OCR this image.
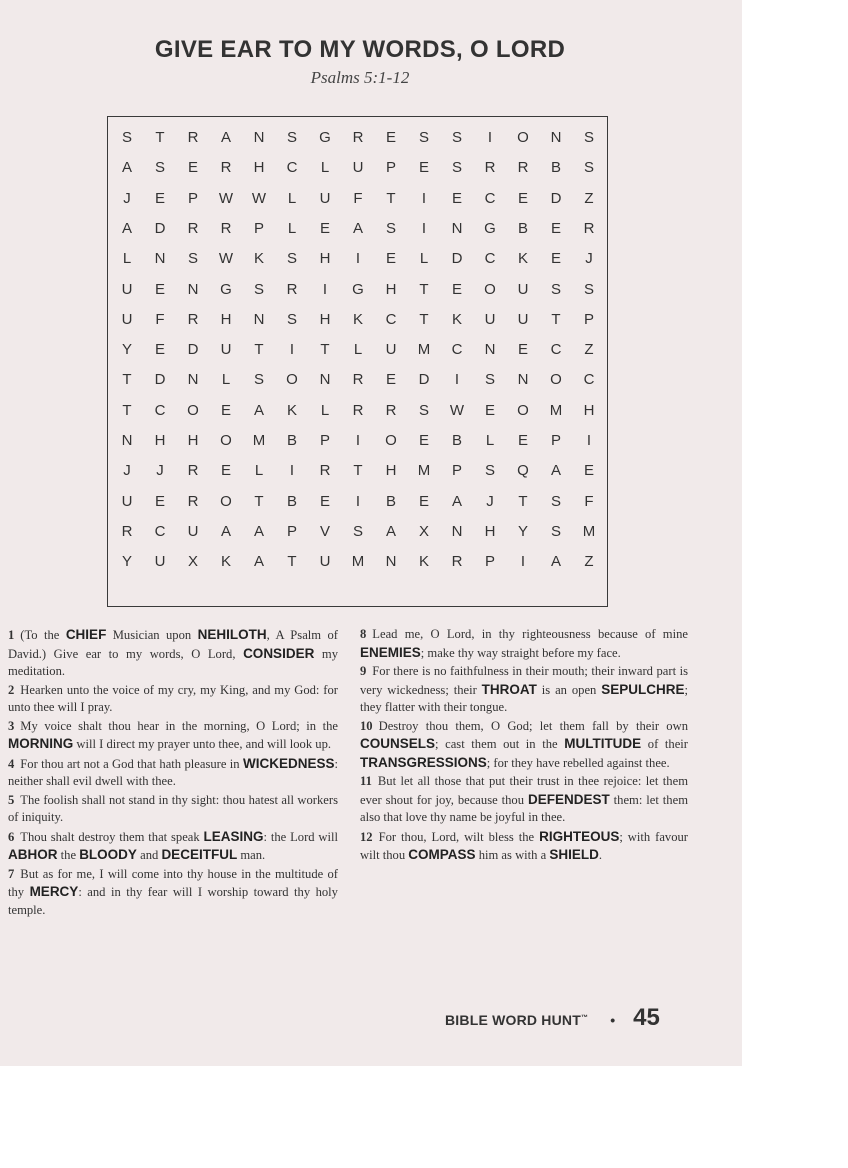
GIVE EAR TO MY WORDS, O LORD
Psalms 5:1-12
S	T	R	A	N	S	G	R	E	S	S	I	O	N	S
A	S	E	R	H	C	L	U	P	E	S	R	R	B	S
J	E	P	W	W	L	U	F	T	I	E	C	E	D	Z
A	D	R	R	P	L	E	A	S	I	N	G	B	E	R
L	N	S	W	K	S	H	I	E	L	D	C	K	E	J
U	E	N	G	S	R	I	G	H	T	E	O	U	S	S
U	F	R	H	N	S	H	K	C	T	K	U	U	T	P
Y	E	D	U	T	I	T	L	U	M	C	N	E	C	Z
T	D	N	L	S	O	N	R	E	D	I	S	N	O	C
T	C	O	E	A	K	L	R	R	S	W	E	O	M	H
N	H	H	O	M	B	P	I	O	E	B	L	E	P	I
J	J	R	E	L	I	R	T	H	M	P	S	Q	A	E
U	E	R	O	T	B	E	I	B	E	A	J	T	S	F
R	C	U	A	A	P	V	S	A	X	N	H	Y	S	M
Y	U	X	K	A	T	U	M	N	K	R	P	I	A	Z

1 (To the CHIEF Musician upon NEHILOTH, A Psalm of David.) Give ear to my words, O Lord, CONSIDER my meditation.

2 Hearken unto the voice of my cry, my King, and my God: for unto thee will I pray.

3 My voice shalt thou hear in the morning, O Lord; in the MORNING will I direct my prayer unto thee, and will look up.

4 For thou art not a God that hath pleasure in WICKEDNESS: neither shall evil dwell with thee.

5 The foolish shall not stand in thy sight: thou hatest all workers of iniquity.

6 Thou shalt destroy them that speak LEASING: the Lord will ABHOR the BLOODY and DECEITFUL man.

7 But as for me, I will come into thy house in the multitude of thy MERCY: and in thy fear will I worship toward thy holy temple.

8 Lead me, O Lord, in thy righteousness because of mine ENEMIES; make thy way straight before my face.

9 For there is no faithfulness in their mouth; their inward part is very wickedness; their THROAT is an open SEPULCHRE; they flatter with their tongue.

10 Destroy thou them, O God; let them fall by their own COUNSELS; cast them out in the MULTITUDE of their TRANSGRESSIONS; for they have rebelled against thee.

11 But let all those that put their trust in thee rejoice: let them ever shout for joy, because thou DEFENDEST them: let them also that love thy name be joyful in thee.

12 For thou, Lord, wilt bless the RIGHTEOUS; with favour wilt thou COMPASS him as with a SHIELD.

BIBLE WORD HUNT™ • 45
